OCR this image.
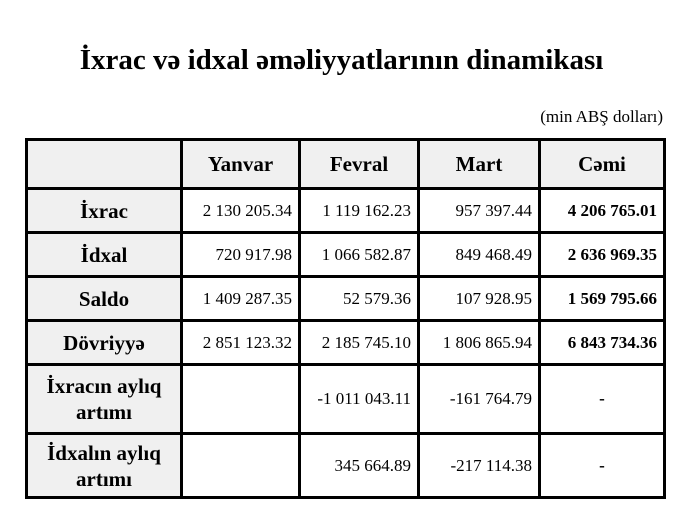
İxrac və idxal əməliyyatlarının dinamikası
(min ABŞ dolları)
	Yanvar	Fevral	Mart	Cəmi
İxrac	2 130 205.34	1 119 162.23	957 397.44	4 206 765.01
İdxal	720 917.98	1 066 582.87	849 468.49	2 636 969.35
Saldo	1 409 287.35	52 579.36	107 928.95	1 569 795.66
Dövriyyə	2 851 123.32	2 185 745.10	1 806 865.94	6 843 734.36
İxracın aylıq artımı		-1 011 043.11	-161 764.79	-
İdxalın aylıq artımı		345 664.89	-217 114.38	-
